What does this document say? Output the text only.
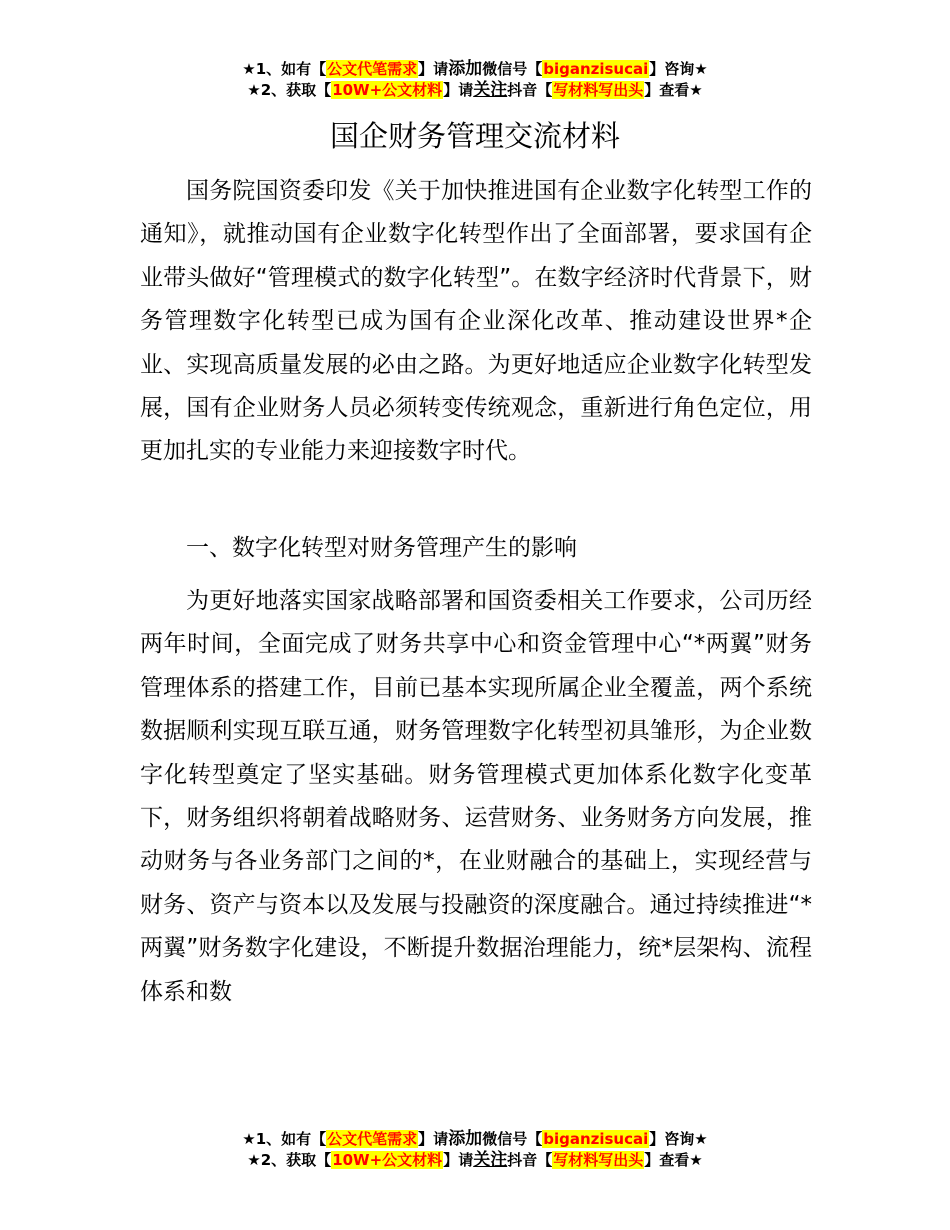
★1、如有【公文代笔需求】请添加微信号【biganzisucai】咨询★
★2、获取【10W+公文材料】请关注抖音【写材料写出头】查看★
国企财务管理交流材料

国务院国资委印发《关于加快推进国有企业数字化转型工作的通知》，就推动国有企业数字化转型作出了全面部署，要求国有企业带头做好“管理模式的数字化转型”。在数字经济时代背景下，财务管理数字化转型已成为国有企业深化改革、推动建设世界*企业、实现高质量发展的必由之路。为更好地适应企业数字化转型发展，国有企业财务人员必须转变传统观念，重新进行角色定位，用更加扎实的专业能力来迎接数字时代。

一、数字化转型对财务管理产生的影响

为更好地落实国家战略部署和国资委相关工作要求，公司历经两年时间，全面完成了财务共享中心和资金管理中心“*两翼”财务管理体系的搭建工作，目前已基本实现所属企业全覆盖，两个系统数据顺利实现互联互通，财务管理数字化转型初具雏形，为企业数字化转型奠定了坚实基础。财务管理模式更加体系化数字化变革下，财务组织将朝着战略财务、运营财务、业务财务方向发展，推动财务与各业务部门之间的*，在业财融合的基础上，实现经营与财务、资产与资本以及发展与投融资的深度融合。通过持续推进“*两翼”财务数字化建设，不断提升数据治理能力，统*层架构、流程体系和数

★1、如有【公文代笔需求】请添加微信号【biganzisucai】咨询★
★2、获取【10W+公文材料】请关注抖音【写材料写出头】查看★
